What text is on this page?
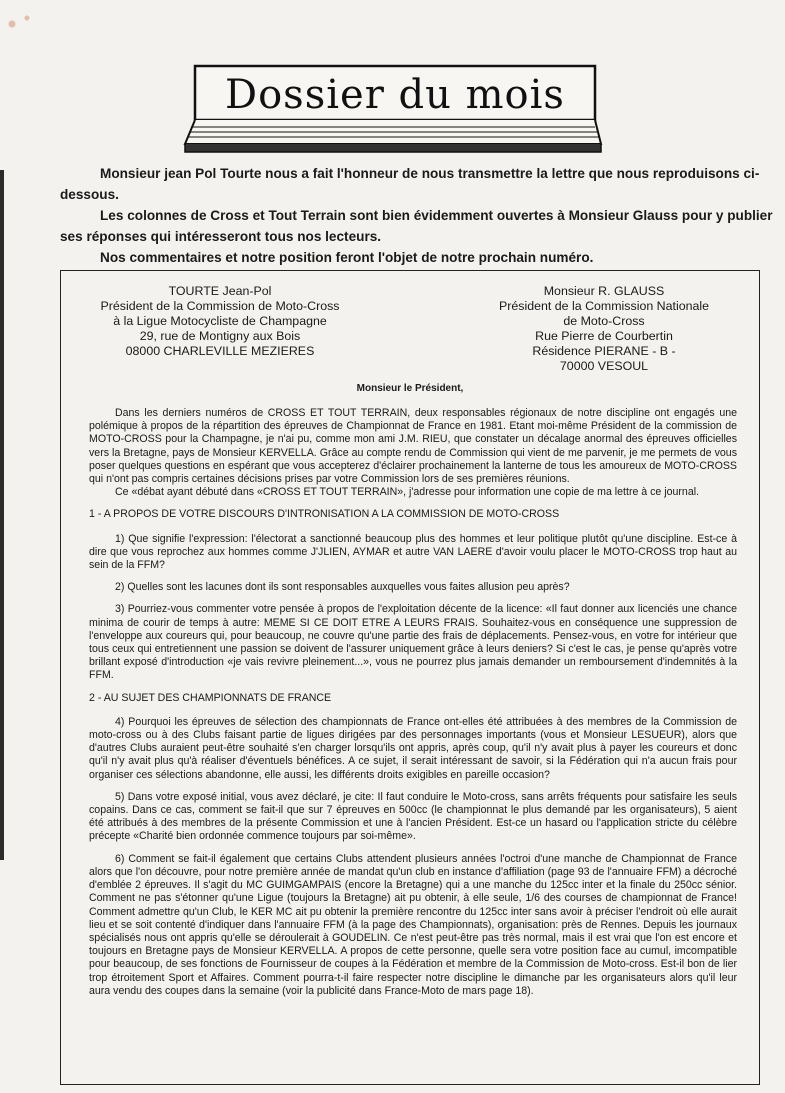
Dossier du mois

Monsieur jean Pol Tourte nous a fait l'honneur de nous transmettre la lettre que nous reproduisons ci-dessous.

Les colonnes de Cross et Tout Terrain sont bien évidemment ouvertes à Monsieur Glauss pour y publier ses réponses qui intéresseront tous nos lecteurs.

Nos commentaires et notre position feront l'objet de notre prochain numéro.

TOURTE Jean-Pol
Président de la Commission de Moto-Cross
à la Ligue Motocycliste de Champagne
29, rue de Montigny aux Bois
08000 CHARLEVILLE MEZIERES
Monsieur R. GLAUSS
Président de la Commission Nationale
de Moto-Cross
Rue Pierre de Courbertin
Résidence PIERANE - B -
70000 VESOUL
Monsieur le Président,

Dans les derniers numéros de CROSS ET TOUT TERRAIN, deux responsables régionaux de notre discipline ont engagés une polémique à propos de la répartition des épreuves de Championnat de France en 1981. Etant moi-même Président de la commission de MOTO-CROSS pour la Champagne, je n'ai pu, comme mon ami J.M. RIEU, que constater un décalage anormal des épreuves officielles vers la Bretagne, pays de Monsieur KERVELLA. Grâce au compte rendu de Commission qui vient de me parvenir, je me permets de vous poser quelques questions en espérant que vous accepterez d'éclairer prochainement la lanterne de tous les amoureux de MOTO-CROSS qui n'ont pas compris certaines décisions prises par votre Commission lors de ses premières réunions.

Ce «débat ayant débuté dans «CROSS ET TOUT TERRAIN», j'adresse pour information une copie de ma lettre à ce journal.

1 - A PROPOS DE VOTRE DISCOURS D'INTRONISATION A LA COMMISSION DE MOTO-CROSS

1) Que signifie l'expression: l'électorat a sanctionné beaucoup plus des hommes et leur politique plutôt qu'une discipline. Est-ce à dire que vous reprochez aux hommes comme J'JLIEN, AYMAR et autre VAN LAERE d'avoir voulu placer le MOTO-CROSS trop haut au sein de la FFM?

2) Quelles sont les lacunes dont ils sont responsables auxquelles vous faites allusion peu après?

3) Pourriez-vous commenter votre pensée à propos de l'exploitation décente de la licence: «Il faut donner aux licenciés une chance minima de courir de temps à autre: MEME SI CE DOIT ETRE A LEURS FRAIS. Souhaitez-vous en conséquence une suppression de l'enveloppe aux coureurs qui, pour beaucoup, ne couvre qu'une partie des frais de déplacements. Pensez-vous, en votre for intérieur que tous ceux qui entretiennent une passion se doivent de l'assurer uniquement grâce à leurs deniers? Si c'est le cas, je pense qu'après votre brillant exposé d'introduction «je vais revivre pleinement...», vous ne pourrez plus jamais demander un remboursement d'indemnités à la FFM.

2 - AU SUJET DES CHAMPIONNATS DE FRANCE

4) Pourquoi les épreuves de sélection des championnats de France ont-elles été attribuées à des membres de la Commission de moto-cross ou à des Clubs faisant partie de ligues dirigées par des personnages importants (vous et Monsieur LESUEUR), alors que d'autres Clubs auraient peut-être souhaité s'en charger lorsqu'ils ont appris, après coup, qu'il n'y avait plus à payer les coureurs et donc qu'il n'y avait plus qu'à réaliser d'éventuels bénéfices. A ce sujet, il serait intéressant de savoir, si la Fédération qui n'a aucun frais pour organiser ces sélections abandonne, elle aussi, les différents droits exigibles en pareille occasion?

5) Dans votre exposé initial, vous avez déclaré, je cite: Il faut conduire le Moto-cross, sans arrêts fréquents pour satisfaire les seuls copains. Dans ce cas, comment se fait-il que sur 7 épreuves en 500cc (le championnat le plus demandé par les organisateurs), 5 aient été attribués à des membres de la présente Commission et une à l'ancien Président. Est-ce un hasard ou l'application stricte du célèbre précepte «Charité bien ordonnée commence toujours par soi-même».

6) Comment se fait-il également que certains Clubs attendent plusieurs années l'octroi d'une manche de Championnat de France alors que l'on découvre, pour notre première année de mandat qu'un club en instance d'affiliation (page 93 de l'annuaire FFM) a décroché d'emblée 2 épreuves. Il s'agit du MC GUIMGAMPAIS (encore la Bretagne) qui a une manche du 125cc inter et la finale du 250cc sénior. Comment ne pas s'étonner qu'une Ligue (toujours la Bretagne) ait pu obtenir, à elle seule, 1/6 des courses de championnat de France! Comment admettre qu'un Club, le KER MC ait pu obtenir la première rencontre du 125cc inter sans avoir à préciser l'endroit où elle aurait lieu et se soit contenté d'indiquer dans l'annuaire FFM (à la page des Championnats), organisation: près de Rennes. Depuis les journaux spécialisés nous ont appris qu'elle se déroulerait à GOUDELIN. Ce n'est peut-être pas très normal, mais il est vrai que l'on est encore et toujours en Bretagne pays de Monsieur KERVELLA. A propos de cette personne, quelle sera votre position face au cumul, imcompatible pour beaucoup, de ses fonctions de Fournisseur de coupes à la Fédération et membre de la Commission de Moto-cross. Est-il bon de lier trop étroitement Sport et Affaires. Comment pourra-t-il faire respecter notre discipline le dimanche par les organisateurs alors qu'il leur aura vendu des coupes dans la semaine (voir la publicité dans France-Moto de mars page 18).
